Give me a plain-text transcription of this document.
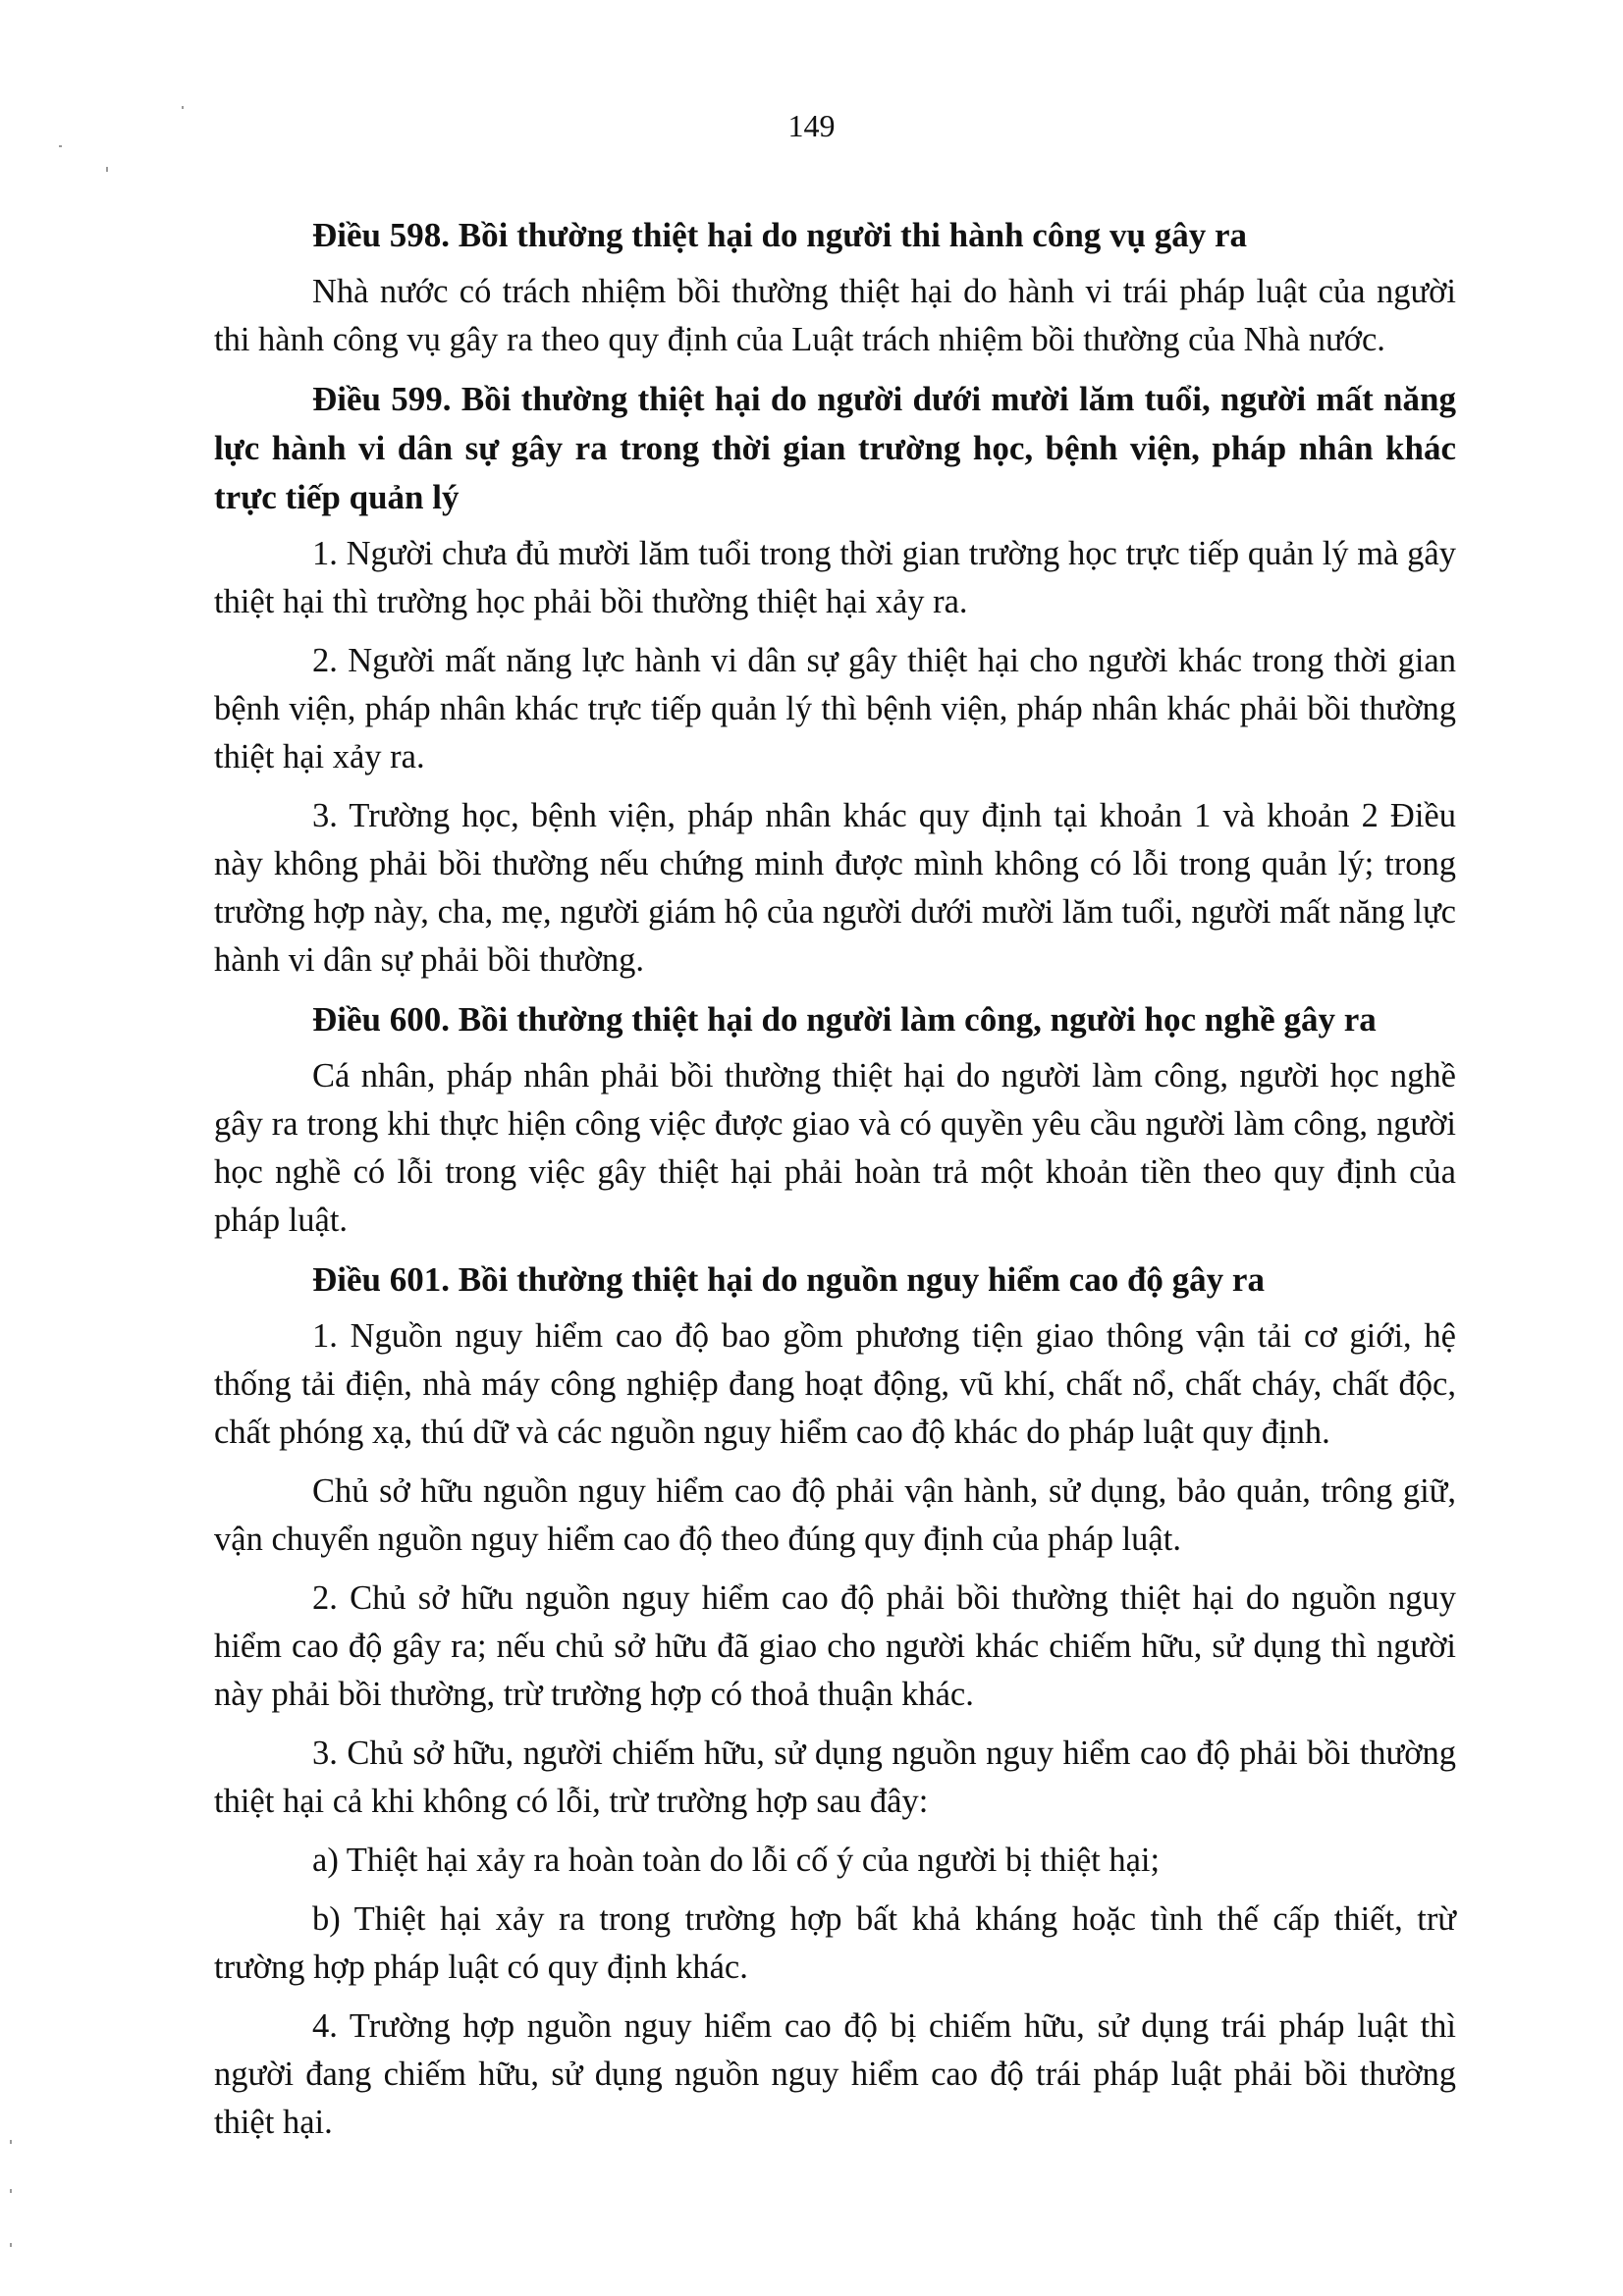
149

Điều 598. Bồi thường thiệt hại do người thi hành công vụ gây ra

Nhà nước có trách nhiệm bồi thường thiệt hại do hành vi trái pháp luật của người thi hành công vụ gây ra theo quy định của Luật trách nhiệm bồi thường của Nhà nước.

Điều 599. Bồi thường thiệt hại do người dưới mười lăm tuổi, người mất năng lực hành vi dân sự gây ra trong thời gian trường học, bệnh viện, pháp nhân khác trực tiếp quản lý

1. Người chưa đủ mười lăm tuổi trong thời gian trường học trực tiếp quản lý mà gây thiệt hại thì trường học phải bồi thường thiệt hại xảy ra.

2. Người mất năng lực hành vi dân sự gây thiệt hại cho người khác trong thời gian bệnh viện, pháp nhân khác trực tiếp quản lý thì bệnh viện, pháp nhân khác phải bồi thường thiệt hại xảy ra.

3. Trường học, bệnh viện, pháp nhân khác quy định tại khoản 1 và khoản 2 Điều này không phải bồi thường nếu chứng minh được mình không có lỗi trong quản lý; trong trường hợp này, cha, mẹ, người giám hộ của người dưới mười lăm tuổi, người mất năng lực hành vi dân sự phải bồi thường.

Điều 600. Bồi thường thiệt hại do người làm công, người học nghề gây ra

Cá nhân, pháp nhân phải bồi thường thiệt hại do người làm công, người học nghề gây ra trong khi thực hiện công việc được giao và có quyền yêu cầu người làm công, người học nghề có lỗi trong việc gây thiệt hại phải hoàn trả một khoản tiền theo quy định của pháp luật.

Điều 601. Bồi thường thiệt hại do nguồn nguy hiểm cao độ gây ra

1. Nguồn nguy hiểm cao độ bao gồm phương tiện giao thông vận tải cơ giới, hệ thống tải điện, nhà máy công nghiệp đang hoạt động, vũ khí, chất nổ, chất cháy, chất độc, chất phóng xạ, thú dữ và các nguồn nguy hiểm cao độ khác do pháp luật quy định.

Chủ sở hữu nguồn nguy hiểm cao độ phải vận hành, sử dụng, bảo quản, trông giữ, vận chuyển nguồn nguy hiểm cao độ theo đúng quy định của pháp luật.

2. Chủ sở hữu nguồn nguy hiểm cao độ phải bồi thường thiệt hại do nguồn nguy hiểm cao độ gây ra; nếu chủ sở hữu đã giao cho người khác chiếm hữu, sử dụng thì người này phải bồi thường, trừ trường hợp có thoả thuận khác.

3. Chủ sở hữu, người chiếm hữu, sử dụng nguồn nguy hiểm cao độ phải bồi thường thiệt hại cả khi không có lỗi, trừ trường hợp sau đây:

a) Thiệt hại xảy ra hoàn toàn do lỗi cố ý của người bị thiệt hại;

b) Thiệt hại xảy ra trong trường hợp bất khả kháng hoặc tình thế cấp thiết, trừ trường hợp pháp luật có quy định khác.

4. Trường hợp nguồn nguy hiểm cao độ bị chiếm hữu, sử dụng trái pháp luật thì người đang chiếm hữu, sử dụng nguồn nguy hiểm cao độ trái pháp luật phải bồi thường thiệt hại.
